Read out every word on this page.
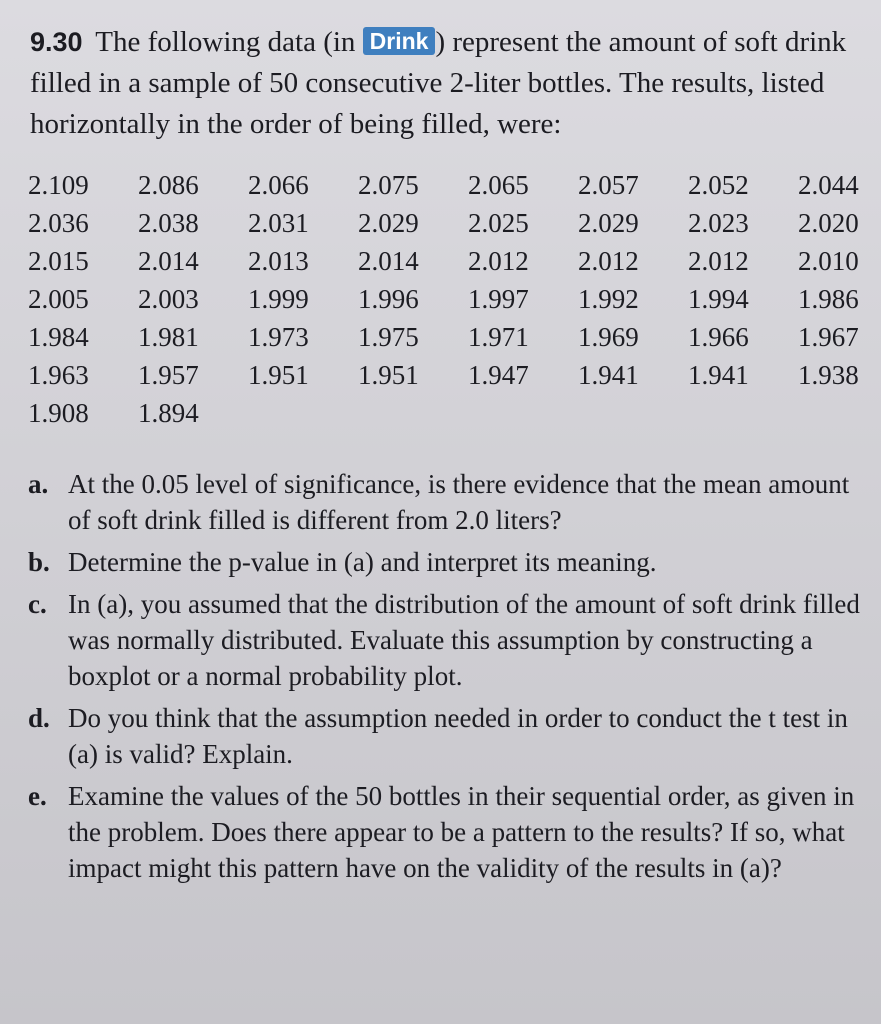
9.30 The following data (in Drink ) represent the amount of soft drink filled in a sample of 50 consecutive 2-liter bottles. The results, listed horizontally in the order of being filled, were:
2.109	2.086	2.066	2.075	2.065	2.057	2.052	2.044
2.036	2.038	2.031	2.029	2.025	2.029	2.023	2.020
2.015	2.014	2.013	2.014	2.012	2.012	2.012	2.010
2.005	2.003	1.999	1.996	1.997	1.992	1.994	1.986
1.984	1.981	1.973	1.975	1.971	1.969	1.966	1.967
1.963	1.957	1.951	1.951	1.947	1.941	1.941	1.938
1.908	1.894
a. At the 0.05 level of significance, is there evidence that the mean amount of soft drink filled is different from 2.0 liters?
b. Determine the p-value in (a) and interpret its meaning.
c. In (a), you assumed that the distribution of the amount of soft drink filled was normally distributed. Evaluate this assumption by constructing a boxplot or a normal probability plot.
d. Do you think that the assumption needed in order to conduct the t test in (a) is valid? Explain.
e. Examine the values of the 50 bottles in their sequential order, as given in the problem. Does there appear to be a pattern to the results? If so, what impact might this pattern have on the validity of the results in (a)?
